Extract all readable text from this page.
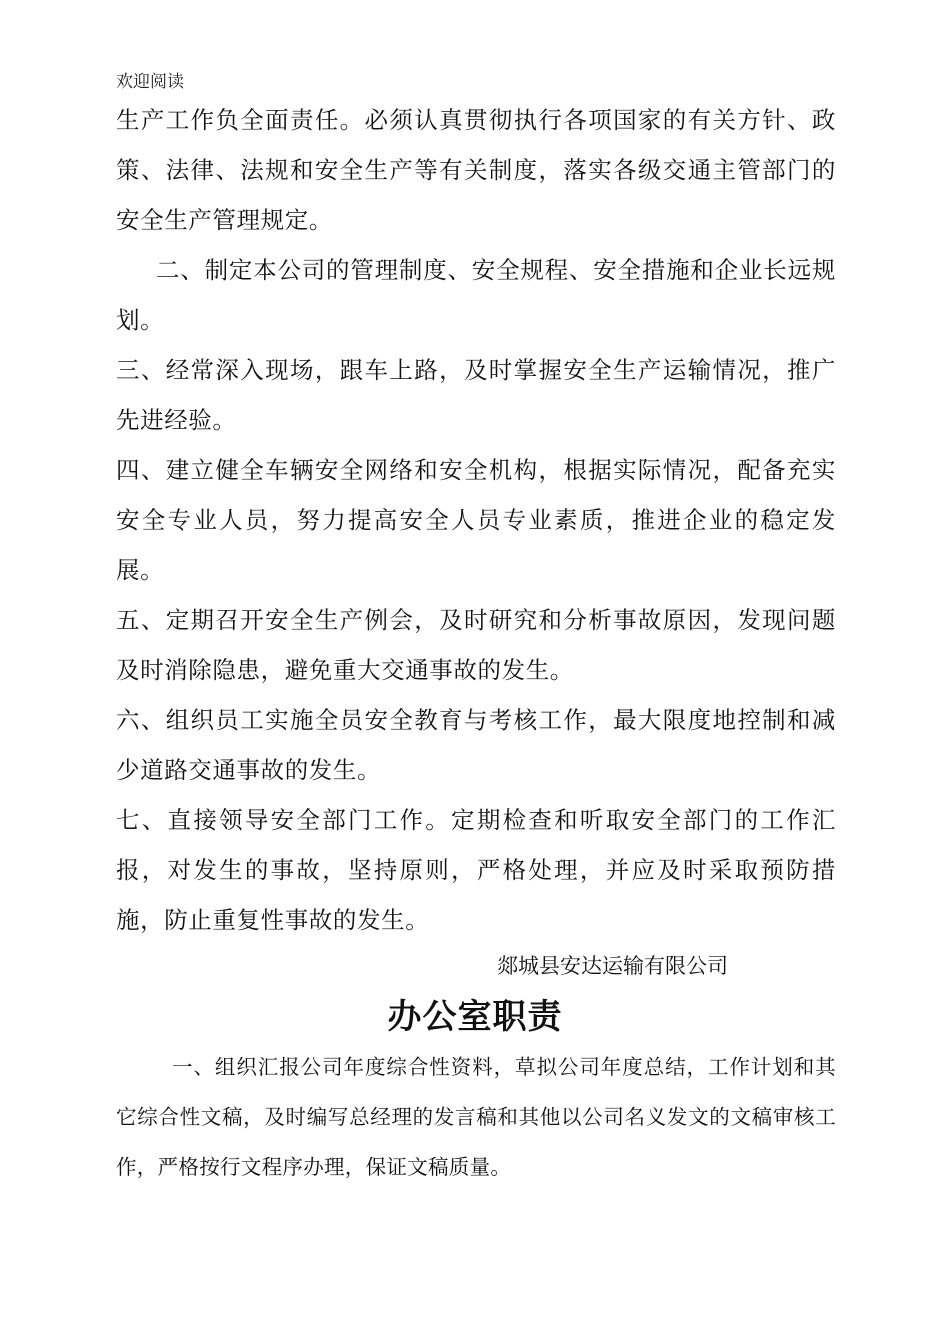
欢迎阅读

生产工作负全面责任。必须认真贯彻执行各项国家的有关方针、政策、法律、法规和安全生产等有关制度，落实各级交通主管部门的安全生产管理规定。

二、制定本公司的管理制度、安全规程、安全措施和企业长远规划。

三、经常深入现场，跟车上路，及时掌握安全生产运输情况，推广先进经验。

四、建立健全车辆安全网络和安全机构，根据实际情况，配备充实安全专业人员，努力提高安全人员专业素质，推进企业的稳定发展。

五、定期召开安全生产例会，及时研究和分析事故原因，发现问题及时消除隐患，避免重大交通事故的发生。

六、组织员工实施全员安全教育与考核工作，最大限度地控制和减少道路交通事故的发生。

七、直接领导安全部门工作。定期检查和听取安全部门的工作汇报，对发生的事故，坚持原则，严格处理，并应及时采取预防措施，防止重复性事故的发生。

郯城县安达运输有限公司
办公室职责

一、组织汇报公司年度综合性资料，草拟公司年度总结，工作计划和其它综合性文稿，及时编写总经理的发言稿和其他以公司名义发文的文稿审核工作，严格按行文程序办理，保证文稿质量。
